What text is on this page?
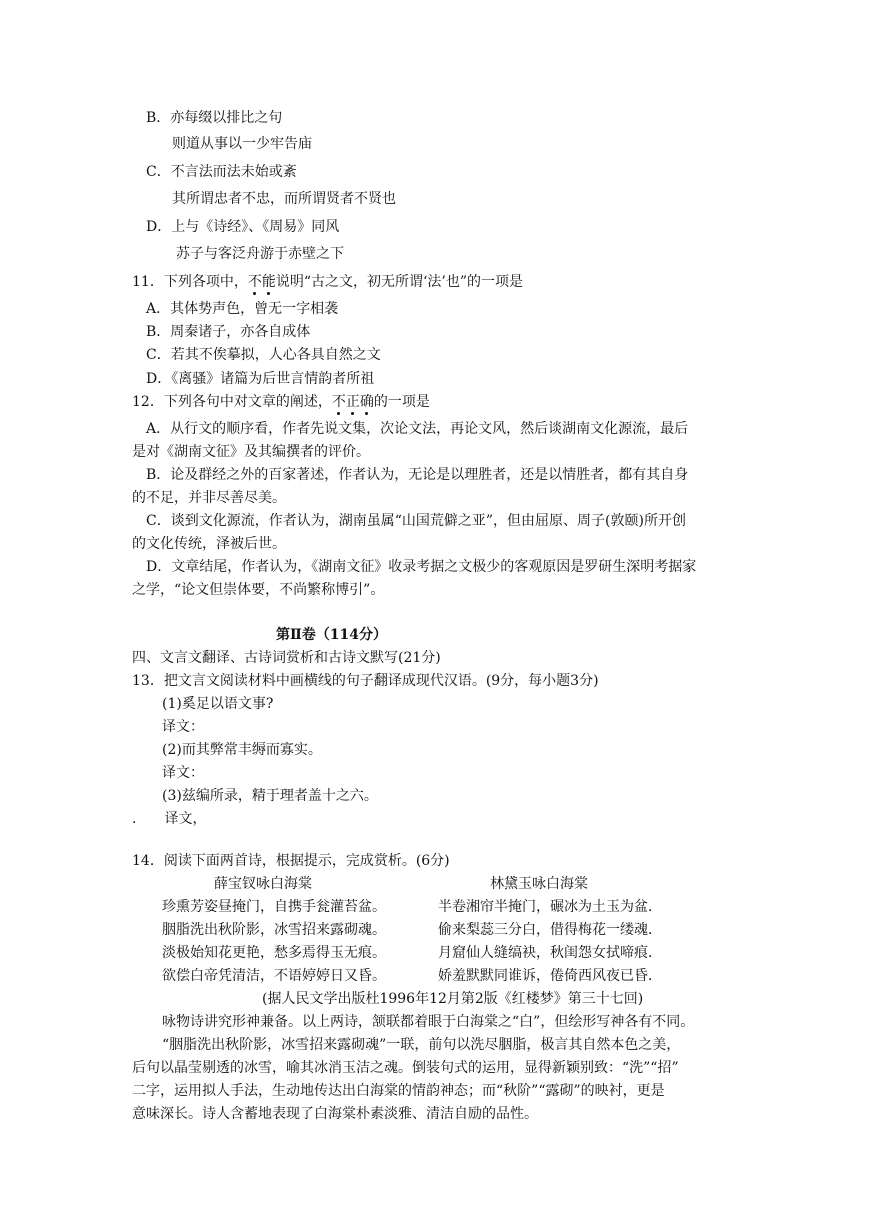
B．亦每缀以排比之句
则道从事以一少牢告庙
C．不言法而法未始或紊
其所谓忠者不忠，而所谓贤者不贤也
D．上与《诗经》、《周易》同风
苏子与客泛舟游于赤壁之下
11．下列各项中，不能说明“古之文，初无所谓‘法’也”的一项是
A．其体势声色，曾无一字相袭
B．周秦诸子，亦各自成体
C．若其不俟摹拟，人心各具自然之文
D．《离骚》诸篇为后世言情韵者所祖
12．下列各句中对文章的阐述，不正确的一项是
A．从行文的顺序看，作者先说文集，次论文法，再论文风，然后谈湖南文化源流，最后
是对《湖南文征》及其编撰者的评价。
B．论及群经之外的百家著述，作者认为，无论是以理胜者，还是以情胜者，都有其自身
的不足，并非尽善尽美。
C．谈到文化源流，作者认为，湖南虽属“山国荒僻之亚”，但由屈原、周子(敦颐)所开创
的文化传统，泽被后世。
D．文章结尾，作者认为，《湖南文征》收录考据之文极少的客观原因是罗研生深明考据家
之学，“论文但崇体要，不尚繁称博引”。
第Ⅱ卷（114分）
四、文言文翻译、古诗词赏析和古诗文默写(21分)
13．把文言文阅读材料中画横线的句子翻译成现代汉语。(9分，每小题3分)
(1)奚足以语文事?
译文：
(2)而其弊常丰缛而寡实。
译文：
(3)兹编所录，精于理者盖十之六。
.　　译文，
14．阅读下面两首诗，根据提示，完成赏析。(6分)
薛宝钗咏白海棠	林黛玉咏白海棠
珍熏芳姿昼掩门，自携手瓮灌苔盆。
胭脂洗出秋阶影，冰雪招来露砌魂。
淡极始知花更艳，愁多焉得玉无痕。
欲偿白帝凭清洁，不语婷婷日又昏。
半卷湘帘半掩门，碾冰为土玉为盆．
偷来梨蕊三分白，借得梅花一缕魂．
月窟仙人缝缟袂，秋闺怨女拭啼痕．
娇羞默默同谁诉，倦倚西风夜已昏．
(据人民文学出版杜1996年12月第2版《红楼梦》第三十七回)
咏物诗讲究形神兼备。以上两诗，颔联都着眼于白海棠之“白”，但绘形写神各有不同。
“胭脂洗出秋阶影，冰雪招来露砌魂”一联，前句以洗尽胭脂，极言其自然本色之美，
后句以晶莹剔透的冰雪，喻其冰消玉洁之魂。倒装句式的运用，显得新颖别致：“洗”“招”
二字，运用拟人手法，生动地传达出白海棠的情韵神态；而“秋阶”“露砌”的映衬，更是
意味深长。诗人含蓄地表现了白海棠朴素淡雅、清洁自励的品性。
